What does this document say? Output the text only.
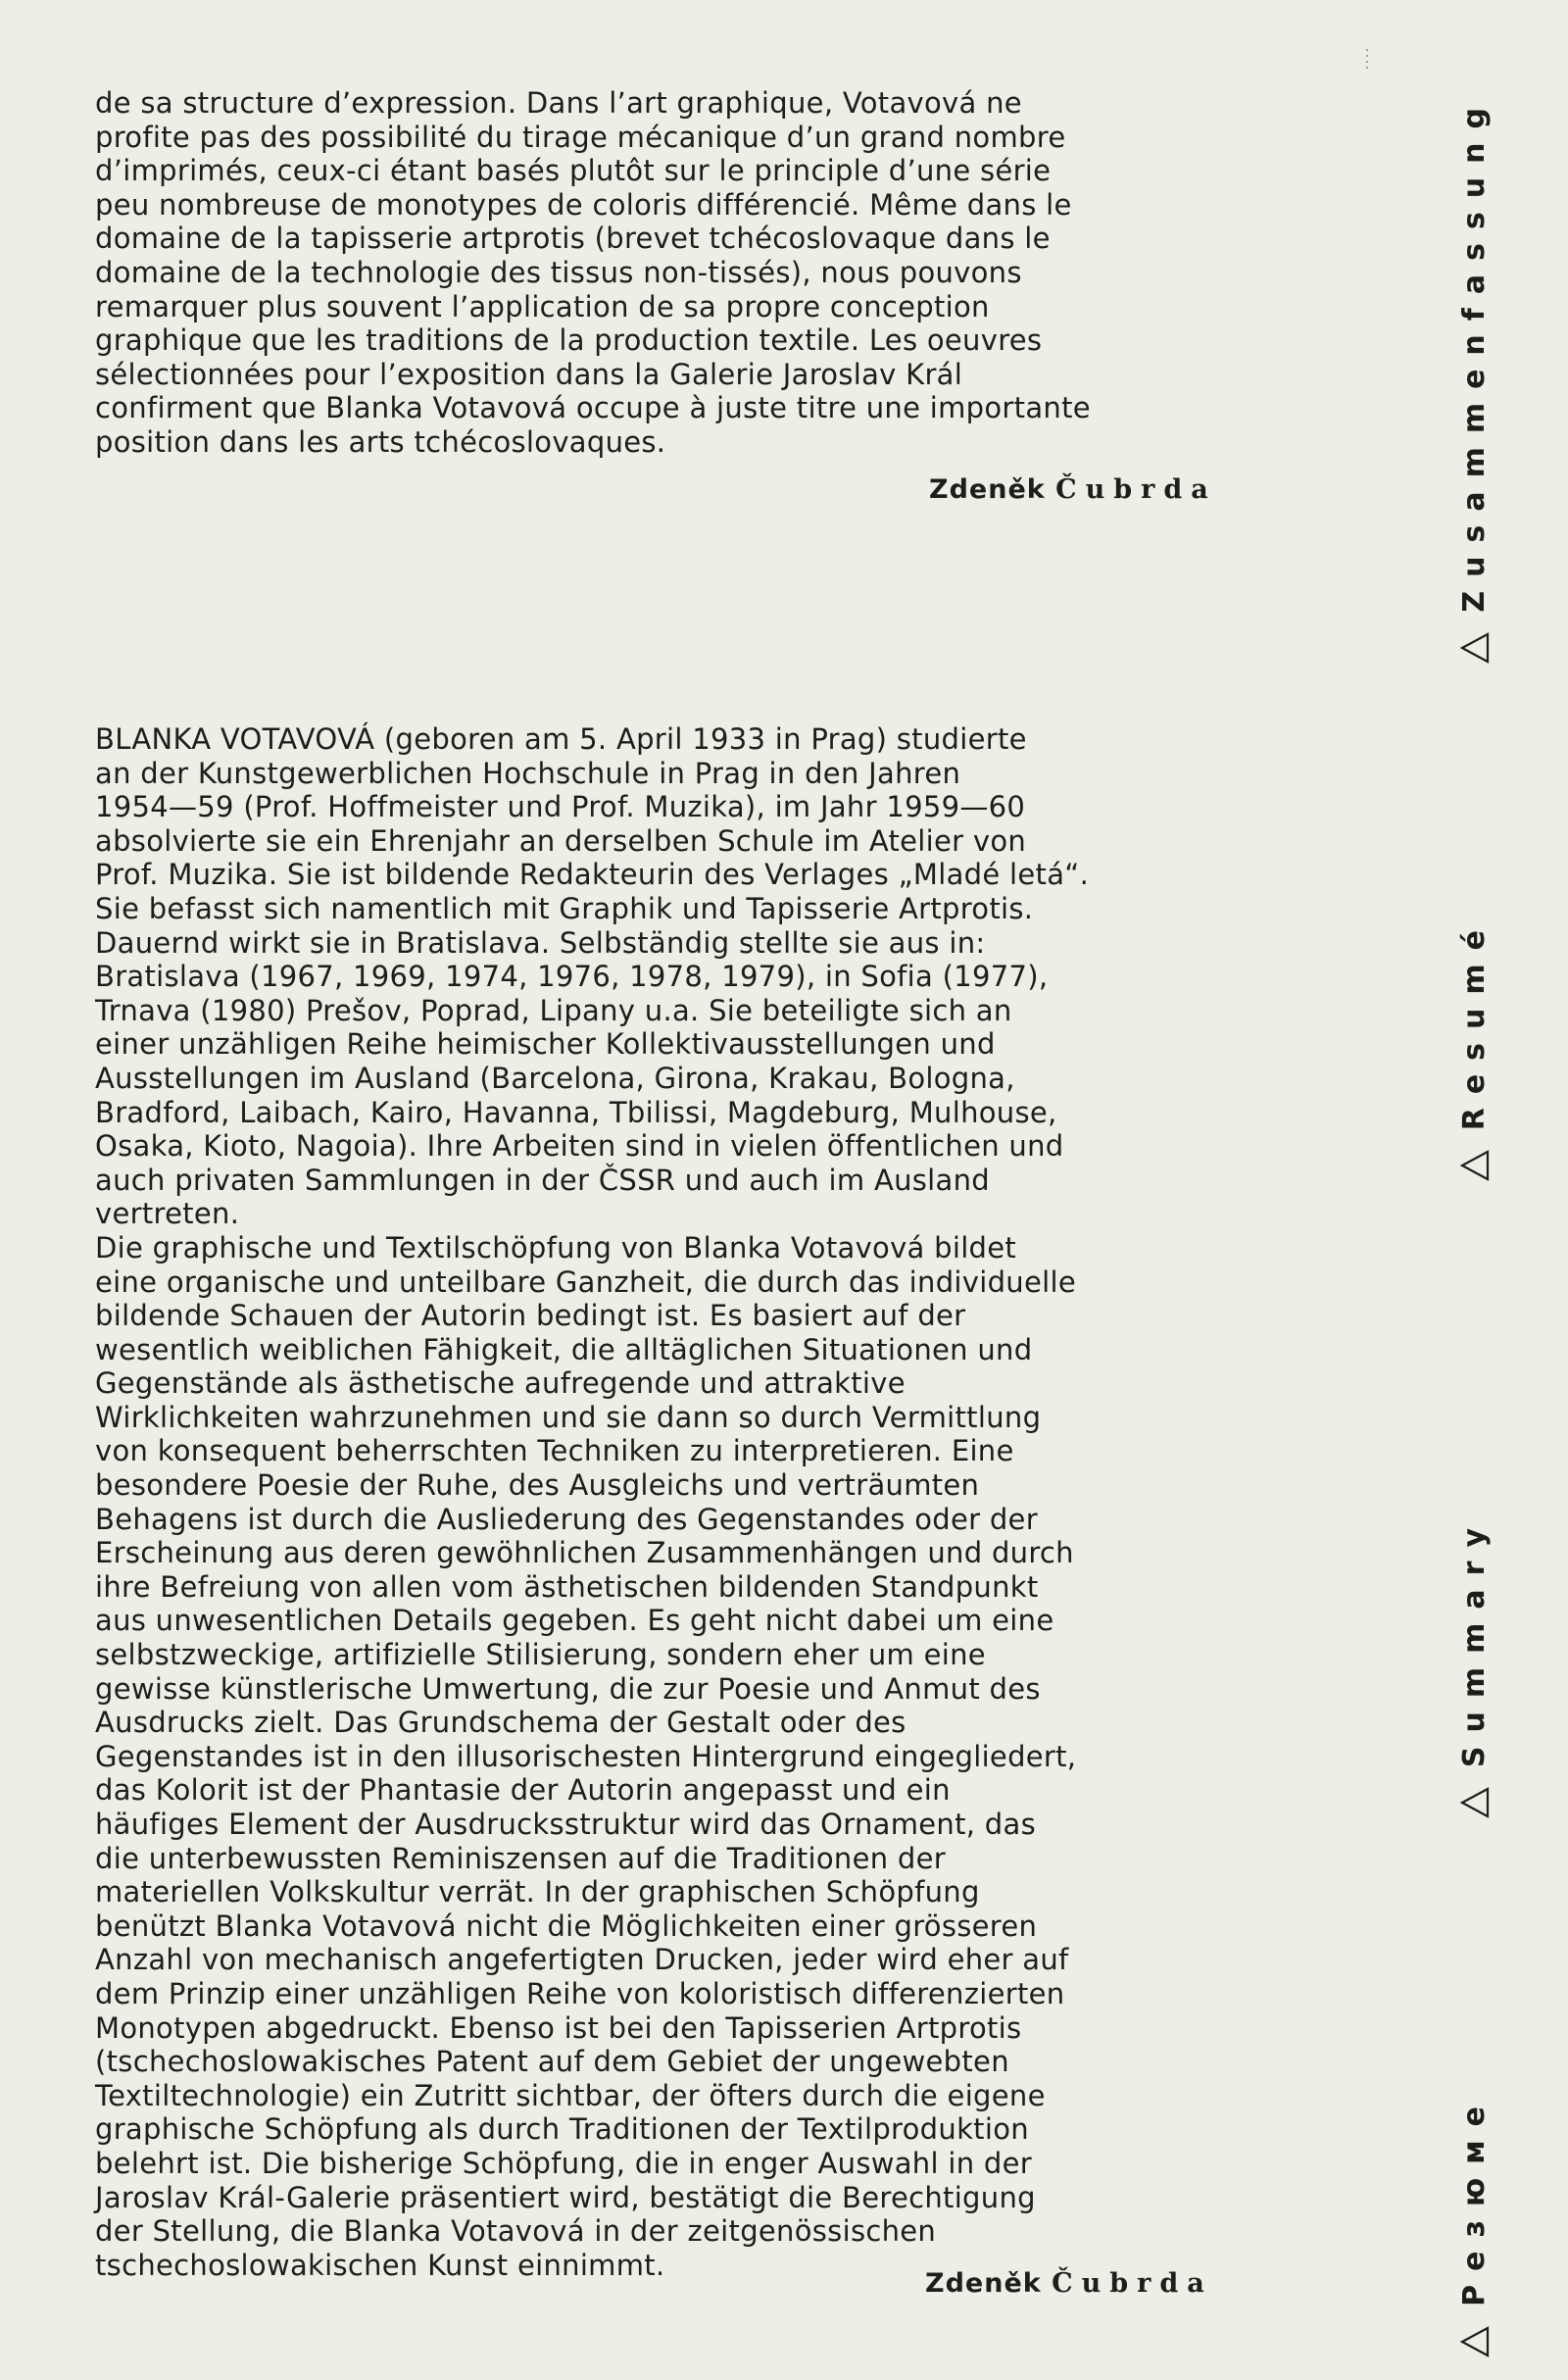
de sa structure d’expression. Dans l’art graphique, Votavová ne
profite pas des possibilité du tirage mécanique d’un grand nombre
d’imprimés, ceux-ci étant basés plutôt sur le principle d’une série
peu nombreuse de monotypes de coloris différencié. Même dans le
domaine de la tapisserie artprotis (brevet tchécoslovaque dans le
domaine de la technologie des tissus non-tissés), nous pouvons
remarquer plus souvent l’application de sa propre conception
graphique que les traditions de la production textile. Les oeuvres
sélectionnées pour l’exposition dans la Galerie Jaroslav Král
confirment que Blanka Votavová occupe à juste titre une importante
position dans les arts tchécoslovaques.
Zdeněk Čubrda
BLANKA VOTAVOVÁ (geboren am 5. April 1933 in Prag) studierte
an der Kunstgewerblichen Hochschule in Prag in den Jahren
1954—59 (Prof. Hoffmeister und Prof. Muzika), im Jahr 1959—60
absolvierte sie ein Ehrenjahr an derselben Schule im Atelier von
Prof. Muzika. Sie ist bildende Redakteurin des Verlages „Mladé letá“.
Sie befasst sich namentlich mit Graphik und Tapisserie Artprotis.
Dauernd wirkt sie in Bratislava. Selbständig stellte sie aus in:
Bratislava (1967, 1969, 1974, 1976, 1978, 1979), in Sofia (1977),
Trnava (1980) Prešov, Poprad, Lipany u.a. Sie beteiligte sich an
einer unzähligen Reihe heimischer Kollektivausstellungen und
Ausstellungen im Ausland (Barcelona, Girona, Krakau, Bologna,
Bradford, Laibach, Kairo, Havanna, Tbilissi, Magdeburg, Mulhouse,
Osaka, Kioto, Nagoia). Ihre Arbeiten sind in vielen öffentlichen und
auch privaten Sammlungen in der ČSSR und auch im Ausland
vertreten.
Die graphische und Textilschöpfung von Blanka Votavová bildet
eine organische und unteilbare Ganzheit, die durch das individuelle
bildende Schauen der Autorin bedingt ist. Es basiert auf der
wesentlich weiblichen Fähigkeit, die alltäglichen Situationen und
Gegenstände als ästhetische aufregende und attraktive
Wirklichkeiten wahrzunehmen und sie dann so durch Vermittlung
von konsequent beherrschten Techniken zu interpretieren. Eine
besondere Poesie der Ruhe, des Ausgleichs und verträumten
Behagens ist durch die Ausliederung des Gegenstandes oder der
Erscheinung aus deren gewöhnlichen Zusammenhängen und durch
ihre Befreiung von allen vom ästhetischen bildenden Standpunkt
aus unwesentlichen Details gegeben. Es geht nicht dabei um eine
selbstzweckige, artifizielle Stilisierung, sondern eher um eine
gewisse künstlerische Umwertung, die zur Poesie und Anmut des
Ausdrucks zielt. Das Grundschema der Gestalt oder des
Gegenstandes ist in den illusorischesten Hintergrund eingegliedert,
das Kolorit ist der Phantasie der Autorin angepasst und ein
häufiges Element der Ausdrucksstruktur wird das Ornament, das
die unterbewussten Reminiszensen auf die Traditionen der
materiellen Volkskultur verrät. In der graphischen Schöpfung
benützt Blanka Votavová nicht die Möglichkeiten einer grösseren
Anzahl von mechanisch angefertigten Drucken, jeder wird eher auf
dem Prinzip einer unzähligen Reihe von koloristisch differenzierten
Monotypen abgedruckt. Ebenso ist bei den Tapisserien Artprotis
(tschechoslowakisches Patent auf dem Gebiet der ungewebten
Textiltechnologie) ein Zutritt sichtbar, der öfters durch die eigene
graphische Schöpfung als durch Traditionen der Textilproduktion
belehrt ist. Die bisherige Schöpfung, die in enger Auswahl in der
Jaroslav Král-Galerie präsentiert wird, bestätigt die Berechtigung
der Stellung, die Blanka Votavová in der zeitgenössischen
tschechoslowakischen Kunst einnimmt.
Zdeněk Čubrda
Zusammenfassung
Resumé
Summary
Резюме
